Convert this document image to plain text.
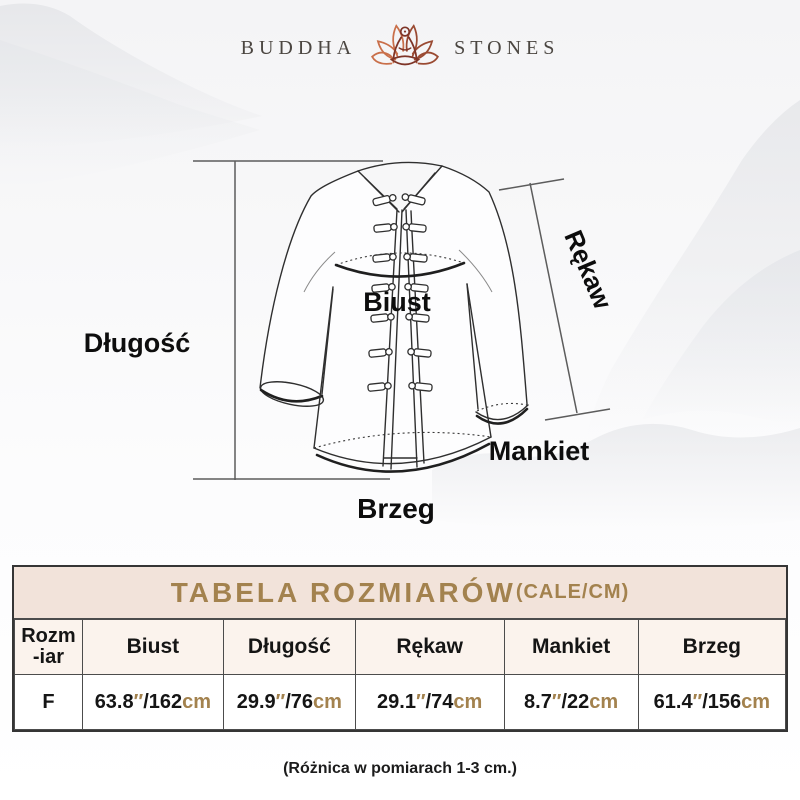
Biust
Długość
Rękaw
Mankiet
Brzeg
BUDDHA	STONES
TABELA ROZMIARÓW (CALE/CM)
Rozm
-iar	Biust	Długość	Rękaw	Mankiet	Brzeg
F	63.8″/162cm	29.9″/76cm	29.1″/74cm	8.7″/22cm	61.4″/156cm
(Różnica w pomiarach 1-3 cm.)
